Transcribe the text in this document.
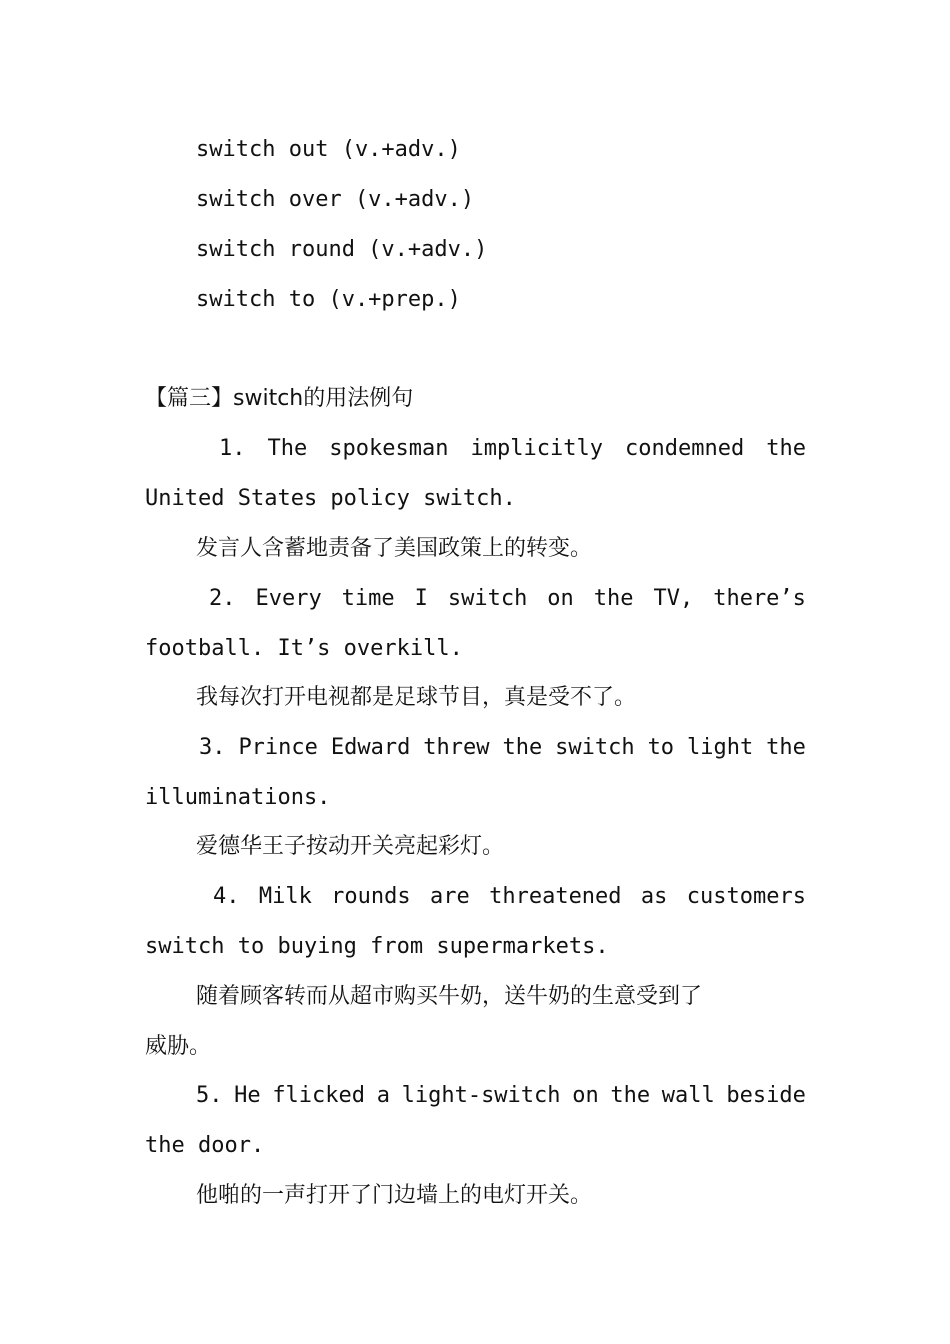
switch out (v.+adv.)

switch over (v.+adv.)

switch round (v.+adv.)

switch to (v.+prep.)

【篇三】switch的用法例句

1. The spokesman implicitly condemned the

United States policy switch.

发言人含蓄地责备了美国政策上的转变。

2. Every time I switch on the TV, there’s

football. It’s overkill.

我每次打开电视都是足球节目，真是受不了。

3. Prince Edward threw the switch to light the

illuminations.

爱德华王子按动开关亮起彩灯。

4. Milk rounds are threatened as customers

switch to buying from supermarkets.

随着顾客转而从超市购买牛奶，送牛奶的生意受到了

威胁。

5. He flicked a light-switch on the wall beside

the door.

他啪的一声打开了门边墙上的电灯开关。
